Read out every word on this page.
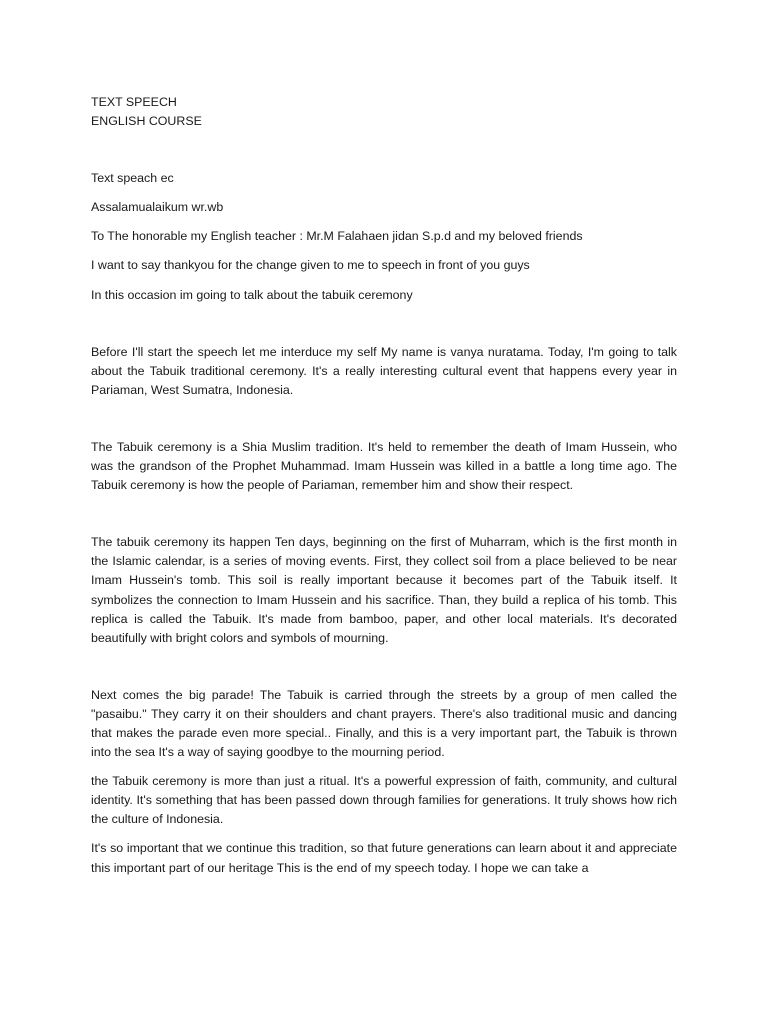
TEXT SPEECH
ENGLISH COURSE
Text speach ec
Assalamualaikum wr.wb
To The honorable my English teacher : Mr.M Falahaen jidan S.p.d and my beloved friends
I want to say thankyou for the change given to me to speech in front of you guys
In this occasion im going to talk about the tabuik ceremony

Before I'll start the speech let me interduce my self My name is vanya nuratama. Today, I'm going to talk about the Tabuik traditional ceremony. It's a really interesting cultural event that happens every year in Pariaman, West Sumatra, Indonesia.

The Tabuik ceremony is a Shia Muslim tradition. It's held to remember the death of Imam Hussein, who was the grandson of the Prophet Muhammad. Imam Hussein was killed in a battle a long time ago. The Tabuik ceremony is how the people of Pariaman, remember him and show their respect.

The tabuik ceremony its happen Ten days, beginning on the first of Muharram, which is the first month in the Islamic calendar, is a series of moving events. First, they collect soil from a place believed to be near Imam Hussein's tomb. This soil is really important because it becomes part of the Tabuik itself. It symbolizes the connection to Imam Hussein and his sacrifice. Than, they build a replica of his tomb. This replica is called the Tabuik. It's made from bamboo, paper, and other local materials. It's decorated beautifully with bright colors and symbols of mourning.

Next comes the big parade! The Tabuik is carried through the streets by a group of men called the "pasaibu." They carry it on their shoulders and chant prayers. There's also traditional music and dancing that makes the parade even more special.. Finally, and this is a very important part, the Tabuik is thrown into the sea It's a way of saying goodbye to the mourning period.

the Tabuik ceremony is more than just a ritual. It's a powerful expression of faith, community, and cultural identity. It's something that has been passed down through families for generations. It truly shows how rich the culture of Indonesia.

It's so important that we continue this tradition, so that future generations can learn about it and appreciate this important part of our heritage This is the end of my speech today. I hope we can take a
